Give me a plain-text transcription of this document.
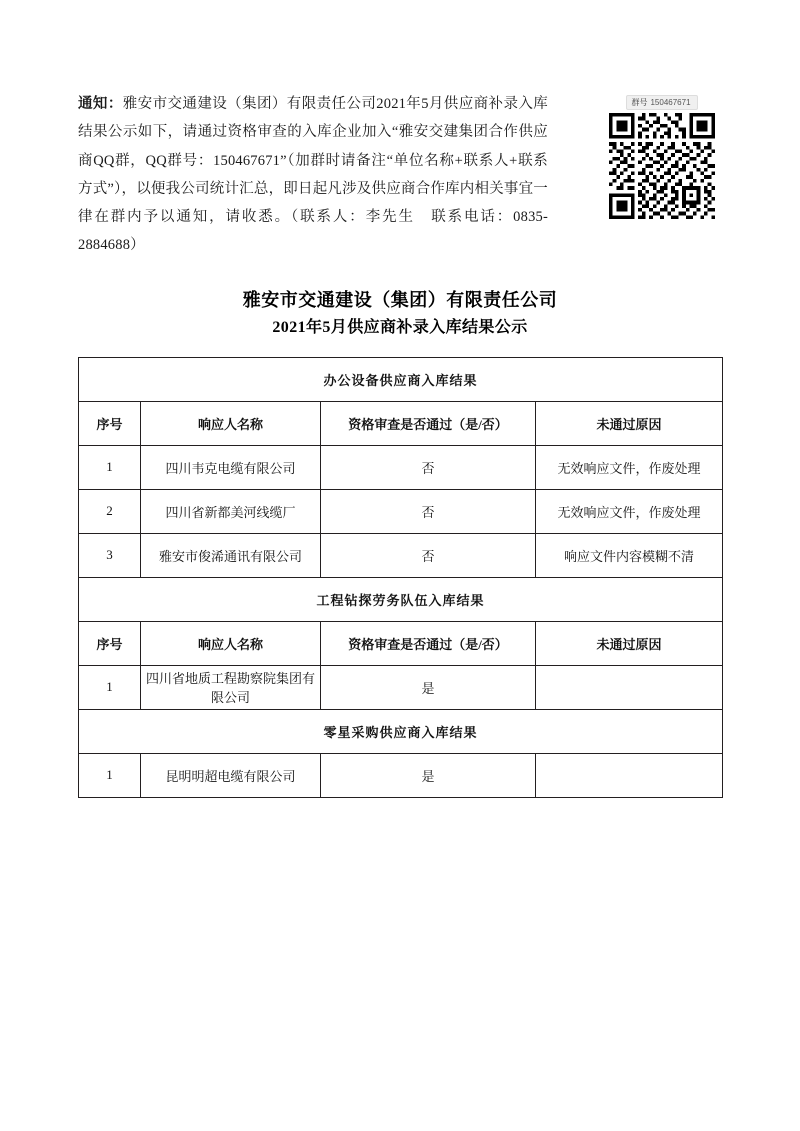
通知：雅安市交通建设（集团）有限责任公司2021年5月供应商补录入库结果公示如下，请通过资格审查的入库企业加入“雅安交建集团合作供应商QQ群，QQ群号：150467671”（加群时请备注“单位名称+联系人+联系方式”），以便我公司统计汇总，即日起凡涉及供应商合作库内相关事宜一律在群内予以通知，请收悉。（联系人：李先生　联系电话：0835-2884688）
群号 150467671
雅安市交通建设（集团）有限责任公司
2021年5月供应商补录入库结果公示
办公设备供应商入库结果			
序号	响应人名称	资格审查是否通过（是/否）	未通过原因
1	四川韦克电缆有限公司	否	无效响应文件，作废处理
2	四川省新都美河线缆厂	否	无效响应文件，作废处理
3	雅安市俊浠通讯有限公司	否	响应文件内容模糊不清
工程钻探劳务队伍入库结果			
序号	响应人名称	资格审查是否通过（是/否）	未通过原因
1	四川省地质工程勘察院集团有限公司	是	
零星采购供应商入库结果			
1	昆明明超电缆有限公司	是	
